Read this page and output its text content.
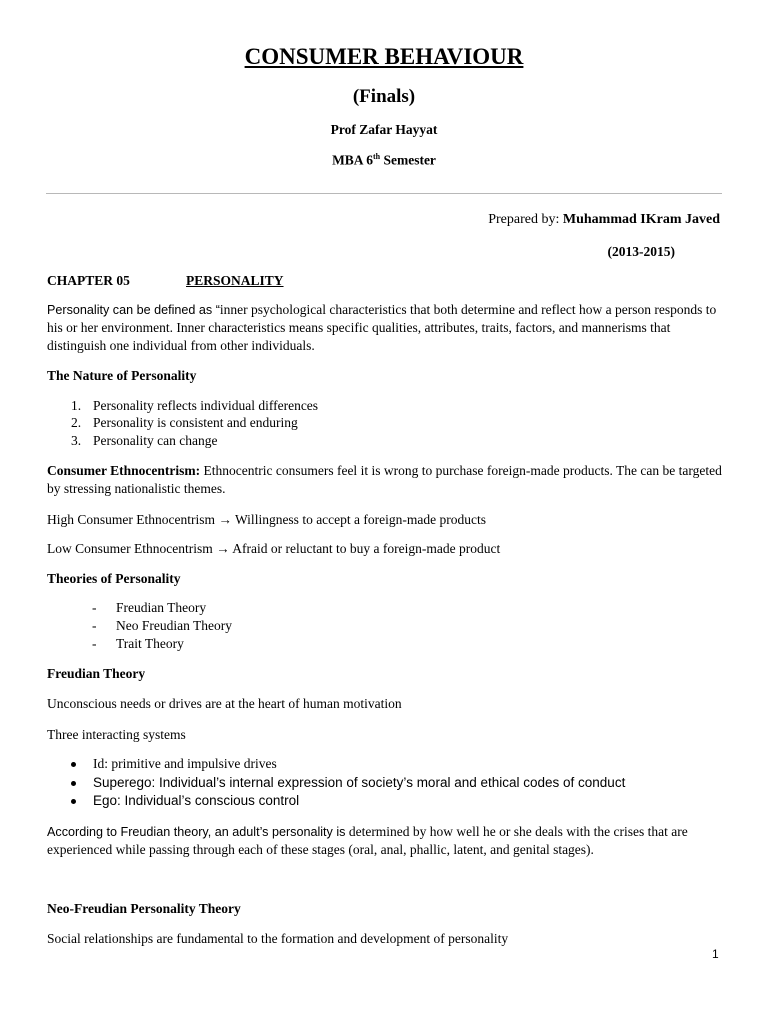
CONSUMER BEHAVIOUR
(Finals)
Prof Zafar Hayyat
MBA 6th Semester
Prepared by: Muhammad IKram Javed
(2013-2015)
CHAPTER 05	PERSONALITY
Personality can be defined as “inner psychological characteristics that both determine and reflect how a person responds to his or her environment. Inner characteristics means specific qualities, attributes, traits, factors, and mannerisms that distinguish one individual from other individuals.
The Nature of Personality
1. Personality reflects individual differences
2. Personality is consistent and enduring
3. Personality can change
Consumer Ethnocentrism: Ethnocentric consumers feel it is wrong to purchase foreign-made products. The can be targeted by stressing nationalistic themes.
High Consumer Ethnocentrism → Willingness to accept a foreign-made products
Low Consumer Ethnocentrism → Afraid or reluctant to buy a foreign-made product
Theories of Personality
- Freudian Theory
- Neo Freudian Theory
- Trait Theory
Freudian Theory
Unconscious needs or drives are at the heart of human motivation
Three interacting systems
Id: primitive and impulsive drives
Superego: Individual’s internal expression of society’s moral and ethical codes of conduct
Ego: Individual’s conscious control
According to Freudian theory, an adult’s personality is determined by how well he or she deals with the crises that are experienced while passing through each of these stages (oral, anal, phallic, latent, and genital stages).
Neo-Freudian Personality Theory
Social relationships are fundamental to the formation and development of personality
1
